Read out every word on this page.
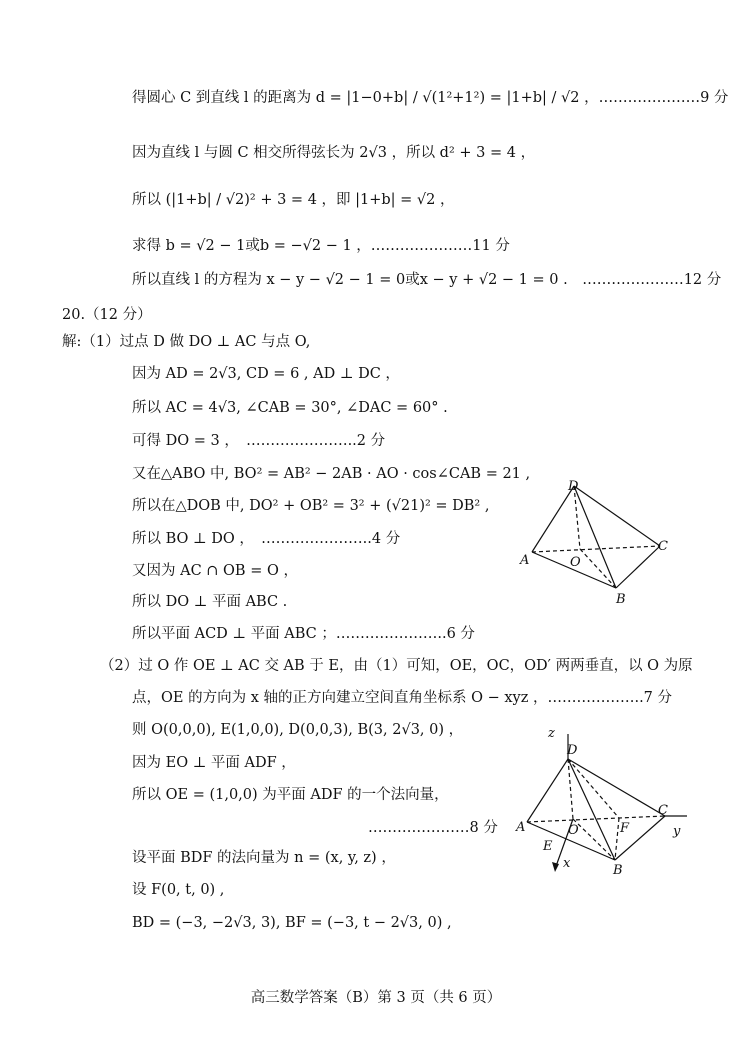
得圆心 C 到直线 l 的距离为 d = |1−0+b| / √(1²+1²) = |1+b| / √2 ，…………………9 分
因为直线 l 与圆 C 相交所得弦长为 2√3 ，所以 d² + 3 = 4 ，
所以 (|1+b| / √2)² + 3 = 4 ，即 |1+b| = √2 ，
求得 b = √2 − 1或b = −√2 − 1 ，…………………11 分
所以直线 l 的方程为 x − y − √2 − 1 = 0或x − y + √2 − 1 = 0 .　…………………12 分
20.（12 分）
解:（1）过点 D 做 DO ⊥ AC 与点 O,
因为 AD = 2√3, CD = 6 , AD ⊥ DC ，
所以 AC = 4√3, ∠CAB = 30°, ∠DAC = 60° .
可得 DO = 3 ，　…………………..2 分
又在△ABO 中, BO² = AB² − 2AB · AO · cos∠CAB = 21 ,
所以在△DOB 中, DO² + OB² = 3² + (√21)² = DB² ,
所以 BO ⊥ DO ，　…………………..4 分
又因为 AC ∩ OB = O ，
所以 DO ⊥ 平面 ABC .
所以平面 ACD ⊥ 平面 ABC ；…………………..6 分
（2）过 O 作 OE ⊥ AC 交 AB 于 E，由（1）可知，OE，OC，OD′ 两两垂直，以 O 为原
点，OE 的方向为 x 轴的正方向建立空间直角坐标系 O − xyz ，………………..7 分
则 O(0,0,0), E(1,0,0), D(0,0,3), B(3, 2√3, 0) ，
因为 EO ⊥ 平面 ADF ，
所以 OE = (1,0,0) 为平面 ADF 的一个法向量，
…………………8 分
设平面 BDF 的法向量为 n = (x, y, z) ，
设 F(0, t, 0) ,
BD = (−3, −2√3, 3), BF = (−3, t − 2√3, 0) ,
D
A	O
C
B
z
D
A	O	F
C
y
E
x	B
高三数学答案（B）第 3 页（共 6 页）
